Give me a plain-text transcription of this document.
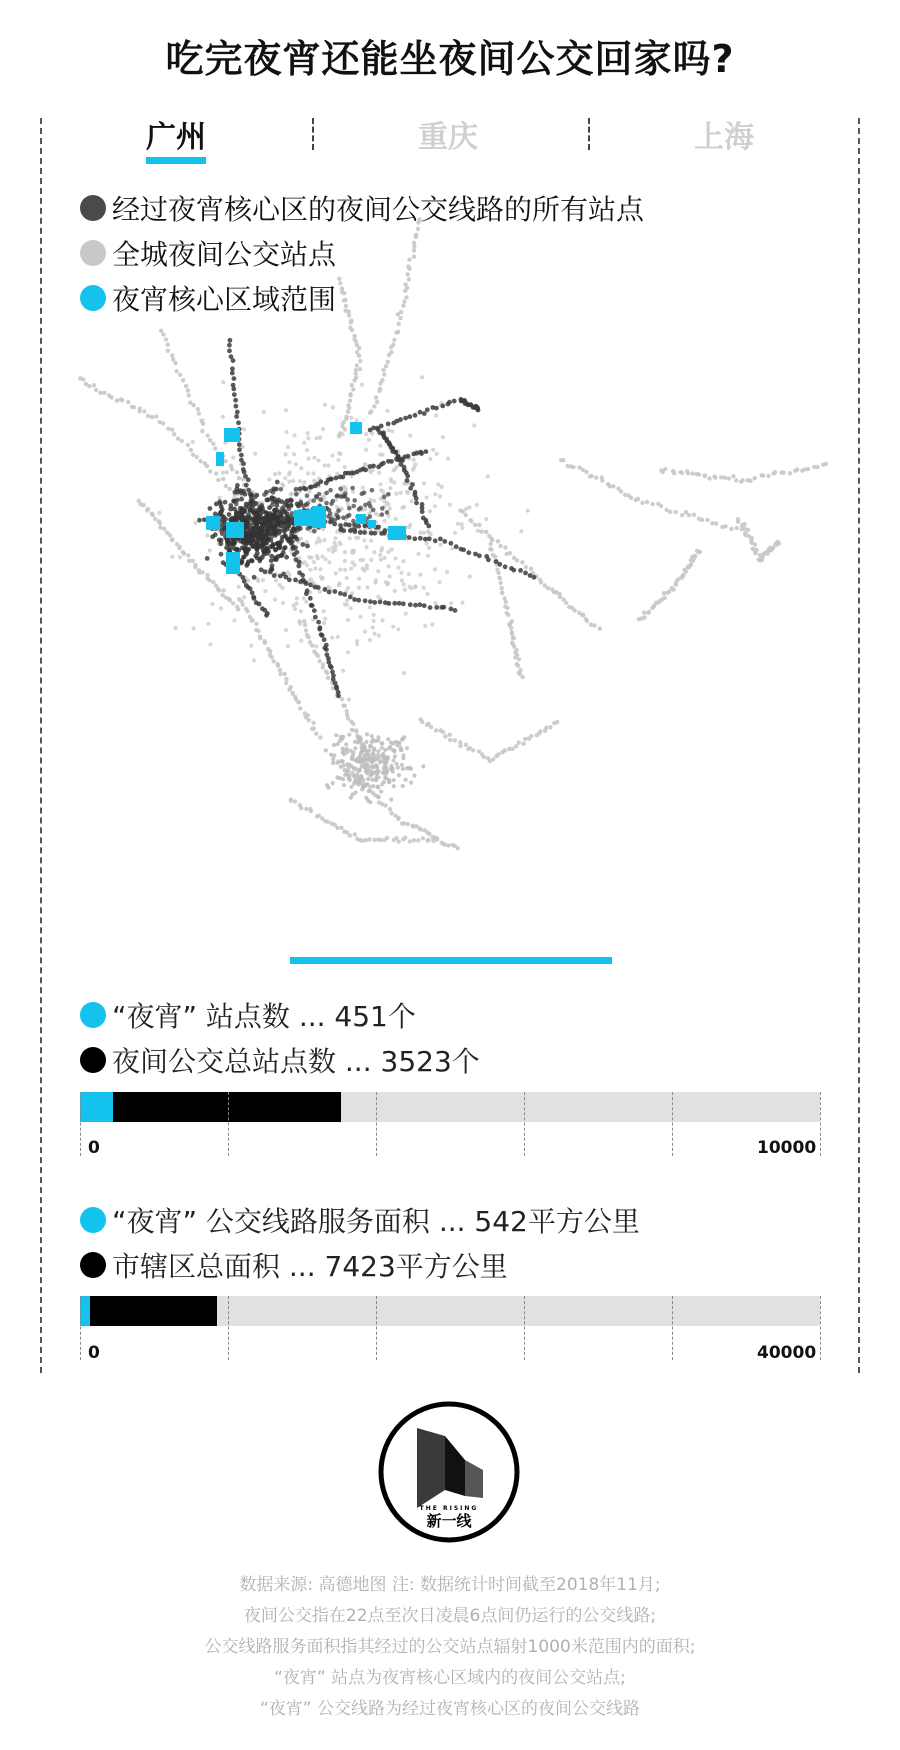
吃完夜宵还能坐夜间公交回家吗?
广州	重庆	上海
经过夜宵核心区的夜间公交线路的所有站点
全城夜间公交站点
夜宵核心区域范围
“夜宵” 站点数 ... 451个
夜间公交总站点数 ... 3523个
0	10000
“夜宵” 公交线路服务面积 ... 542平方公里
市辖区总面积 ... 7423平方公里
0	40000
THE RISING
新一线
数据来源: 高德地图 注: 数据统计时间截至2018年11月;
夜间公交指在22点至次日凌晨6点间仍运行的公交线路;
公交线路服务面积指其经过的公交站点辐射1000米范围内的面积;
“夜宵” 站点为夜宵核心区域内的夜间公交站点;
“夜宵” 公交线路为经过夜宵核心区的夜间公交线路
